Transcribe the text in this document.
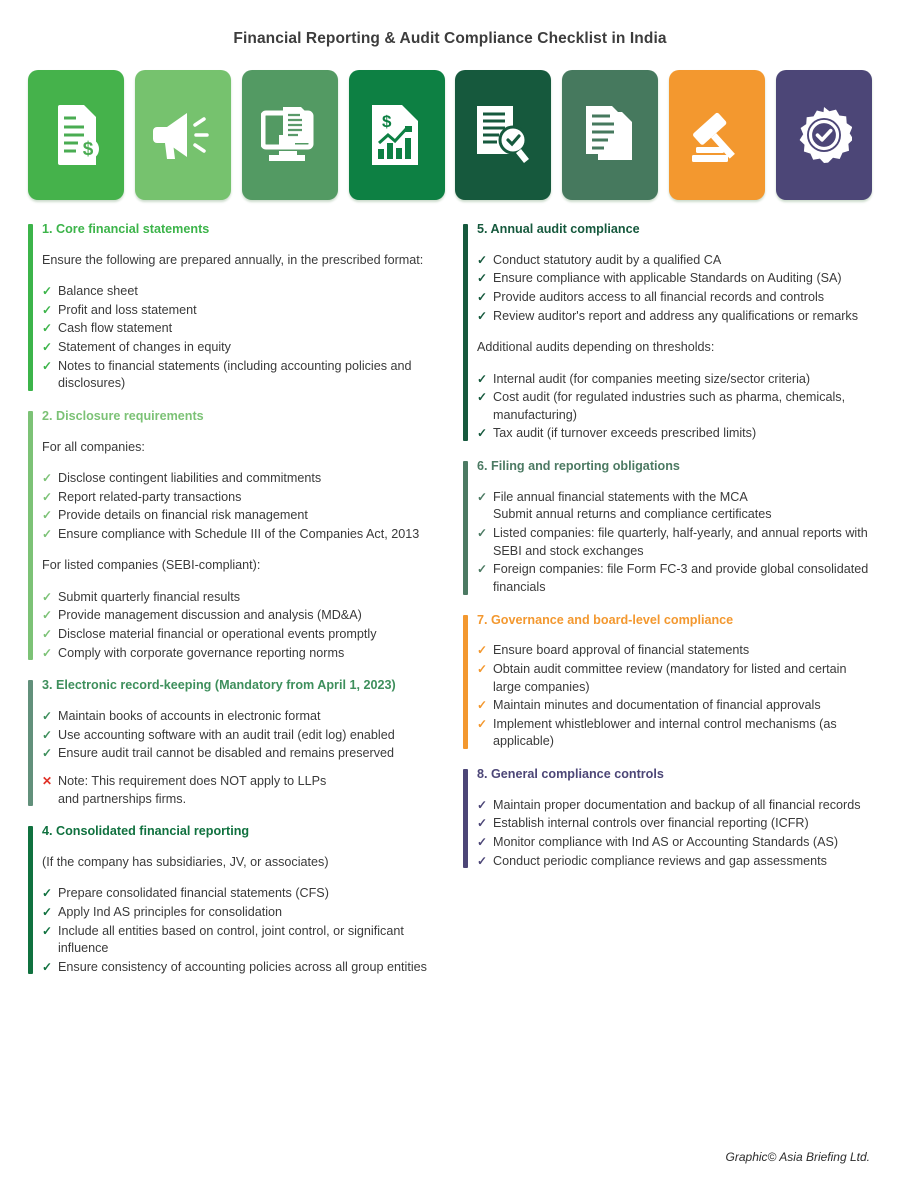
Financial Reporting & Audit Compliance Checklist in India
$
$
1. Core financial statements
Ensure the following are prepared annually, in the prescribed format:
✓ Balance sheet
✓ Profit and loss statement
✓ Cash flow statement
✓ Statement of changes in equity
✓ Notes to financial statements (including accounting policies and disclosures)
2. Disclosure requirements
For all companies:
✓ Disclose contingent liabilities and commitments
✓ Report related-party transactions
✓ Provide details on financial risk management
✓ Ensure compliance with Schedule III of the Companies Act, 2013
For listed companies (SEBI-compliant):
✓ Submit quarterly financial results
✓ Provide management discussion and analysis (MD&A)
✓ Disclose material financial or operational events promptly
✓ Comply with corporate governance reporting norms
3. Electronic record-keeping (Mandatory from April 1, 2023)
✓ Maintain books of accounts in electronic format
✓ Use accounting software with an audit trail (edit log) enabled
✓ Ensure audit trail cannot be disabled and remains preserved
✕ Note: This requirement does NOT apply to LLPs
and partnerships firms.
4. Consolidated financial reporting
(If the company has subsidiaries, JV, or associates)
✓ Prepare consolidated financial statements (CFS)
✓ Apply Ind AS principles for consolidation
✓ Include all entities based on control, joint control, or significant influence
✓ Ensure consistency of accounting policies across all group entities
5. Annual audit compliance
✓ Conduct statutory audit by a qualified CA
✓ Ensure compliance with applicable Standards on Auditing (SA)
✓ Provide auditors access to all financial records and controls
✓ Review auditor's report and address any qualifications or remarks
Additional audits depending on thresholds:
✓ Internal audit (for companies meeting size/sector criteria)
✓ Cost audit (for regulated industries such as pharma, chemicals, manufacturing)
✓ Tax audit (if turnover exceeds prescribed limits)
6. Filing and reporting obligations
✓ File annual financial statements with the MCA
Submit annual returns and compliance certificates
✓ Listed companies: file quarterly, half-yearly, and annual reports with SEBI and stock exchanges
✓ Foreign companies: file Form FC-3 and provide global consolidated financials
7. Governance and board-level compliance
✓ Ensure board approval of financial statements
✓ Obtain audit committee review (mandatory for listed and certain large companies)
✓ Maintain minutes and documentation of financial approvals
✓ Implement whistleblower and internal control mechanisms (as applicable)
8. General compliance controls
✓ Maintain proper documentation and backup of all financial records
✓ Establish internal controls over financial reporting (ICFR)
✓ Monitor compliance with Ind AS or Accounting Standards (AS)
✓ Conduct periodic compliance reviews and gap assessments
Graphic© Asia Briefing Ltd.
